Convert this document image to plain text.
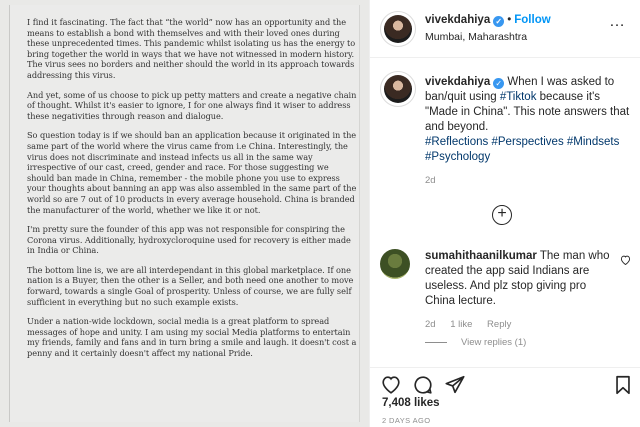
I find it fascinating. The fact that “the world” now has an opportunity and the means to establish a bond with themselves and with their loved ones during these unprecedented times. This pandemic whilst isolating us has the energy to bring together the world in ways that we have not witnessed in modern history. The virus sees no borders and neither should the world in its approach towards addressing this virus.

And yet, some of us choose to pick up petty matters and create a negative chain of thought. Whilst it's easier to ignore, I for one always find it wiser to address these negativities through reason and dialogue.

So question today is if we should ban an application because it originated in the same part of the world where the virus came from i.e China. Interestingly, the virus does not discriminate and instead infects us all in the same way irrespective of our cast, creed, gender and race. For those suggesting we should ban made in China, remember - the mobile phone you use to express your thoughts about banning an app was also assembled in the same part of the world so are 7 out of 10 products in every average household. China is branded the manufacturer of the world, whether we like it or not.

I'm pretty sure the founder of this app was not responsible for conspiring the Corona virus. Additionally, hydroxycloroquine used for recovery is either made in India or China.

The bottom line is, we are all interdependant in this global marketplace. If one nation is a Buyer, then the other is a Seller, and both need one another to move forward, towards a single Goal of prosperity. Unless of course, we are fully self sufficient in everything but no such example exists.

Under a nation-wide lockdown, social media is a great platform to spread messages of hope and unity. I am using my social Media platforms to entertain my friends, family and fans and in turn bring a smile and laugh. it doesn't cost a penny and it certainly doesn't affect my national Pride.

vivekdahiya ✓ • Follow
Mumbai, Maharashtra
…
vivekdahiya ✓ When I was asked to ban/quit using #Tiktok because it's "Made in China". This note answers that and beyond.
#Reflections #Perspectives #Mindsets #Psychology
2d
+
sumahithaanilkumar The man who created the app said Indians are useless. And plz stop giving pro China lecture.
2d 1 like Reply
View replies (1)
7,408 likes
2 DAYS AGO
